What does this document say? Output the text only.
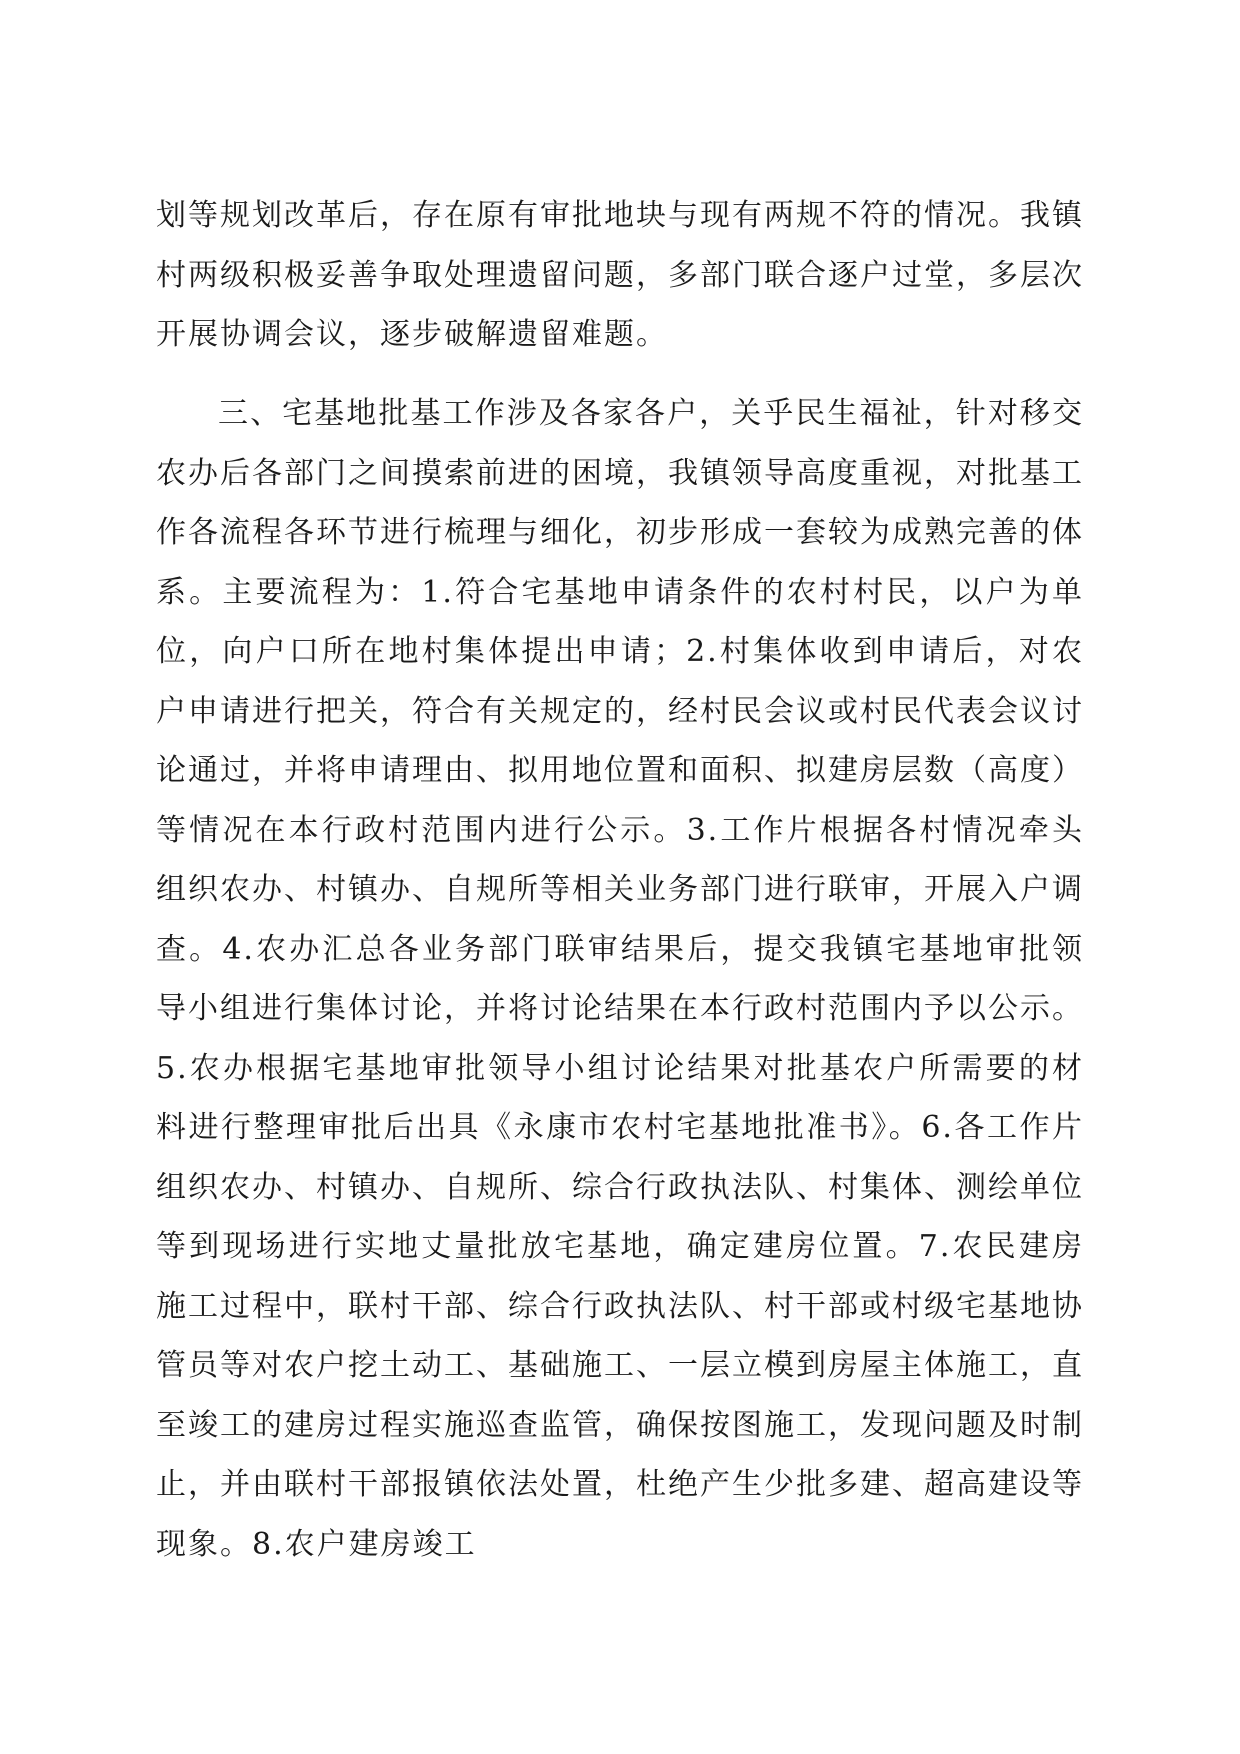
划等规划改革后，存在原有审批地块与现有两规不符的情况。我镇村两级积极妥善争取处理遗留问题，多部门联合逐户过堂，多层次开展协调会议，逐步破解遗留难题。

三、宅基地批基工作涉及各家各户，关乎民生福祉，针对移交农办后各部门之间摸索前进的困境，我镇领导高度重视，对批基工作各流程各环节进行梳理与细化，初步形成一套较为成熟完善的体系。主要流程为：1.符合宅基地申请条件的农村村民，以户为单位，向户口所在地村集体提出申请；2.村集体收到申请后，对农户申请进行把关，符合有关规定的，经村民会议或村民代表会议讨论通过，并将申请理由、拟用地位置和面积、拟建房层数（高度）等情况在本行政村范围内进行公示。3.工作片根据各村情况牵头组织农办、村镇办、自规所等相关业务部门进行联审，开展入户调查。4.农办汇总各业务部门联审结果后，提交我镇宅基地审批领导小组进行集体讨论，并将讨论结果在本行政村范围内予以公示。5.农办根据宅基地审批领导小组讨论结果对批基农户所需要的材料进行整理审批后出具《永康市农村宅基地批准书》。6.各工作片组织农办、村镇办、自规所、综合行政执法队、村集体、测绘单位等到现场进行实地丈量批放宅基地，确定建房位置。7.农民建房施工过程中，联村干部、综合行政执法队、村干部或村级宅基地协管员等对农户挖土动工、基础施工、一层立模到房屋主体施工，直至竣工的建房过程实施巡查监管，确保按图施工，发现问题及时制止，并由联村干部报镇依法处置，杜绝产生少批多建、超高建设等现象。8.农户建房竣工
